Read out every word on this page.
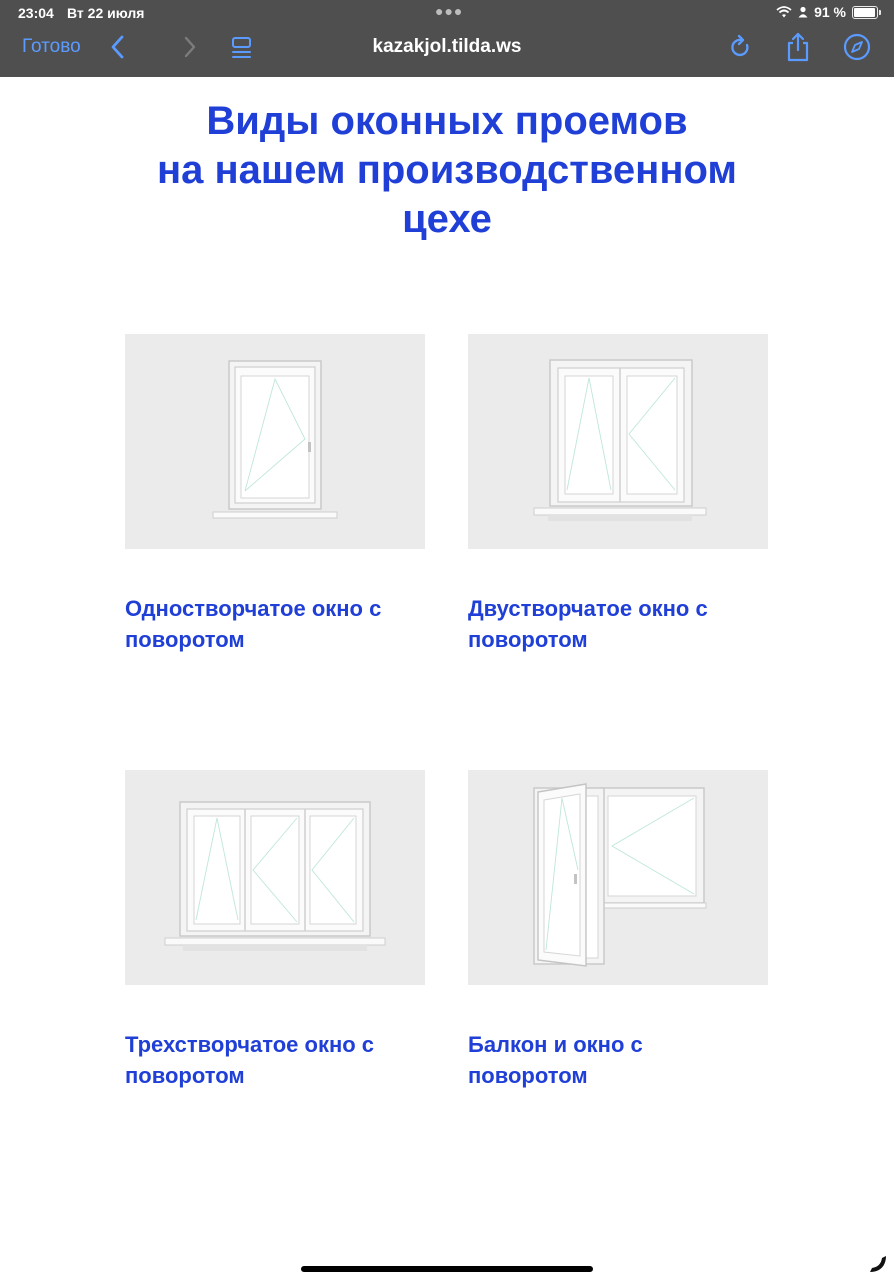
23:04 Вт 22 июля	●●●	91 %
Готово	kazakjol.tilda.ws
Виды оконных проемов
на нашем производственном
цехе
Одностворчатое окно с
поворотом
Двустворчатое окно с
поворотом
Трехстворчатое окно с
поворотом
Балкон и окно с
поворотом
